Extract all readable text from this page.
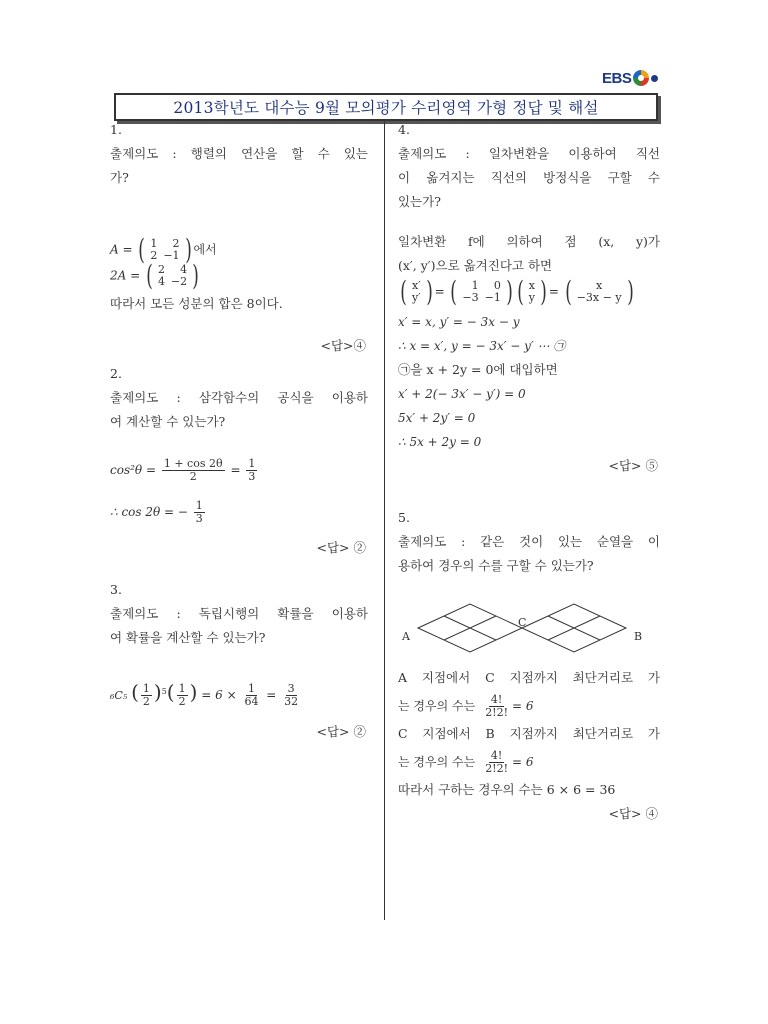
EBS
2013학년도 대수능 9월 모의평가 수리영역 가형 정답 및 해설
1.
출제의도 : 행렬의 연산을 할 수 있는
가?
A = ( 1	2
2	−1 ) 에서
2A = ( 2	4
4	−2 )
따라서 모든 성분의 합은 8이다.
<답>④
2.
출제의도 : 삼각함수의 공식을 이용하
여 계산할 수 있는가?
$\cos^2\theta = \frac{1 + \cos 2\theta}{2} = \frac{1}{3}$
∴ cos 2θ = − $\frac{1}{3}$
<답> ②
3.
출제의도 : 독립시행의 확률을 이용하
여 확률을 계산할 수 있는가?
₆C₅ ( $\frac{1}{2} )^5( \frac{1}{2}$ ) = $6 \times \frac{1}{64} = \frac{3}{32}$
<답> ②
4.
출제의도 : 일차변환을 이용하여 직선
이 옮겨지는 직선의 방정식을 구할 수
있는가?
일차변환 f에 의하여 점 (x, y)가
(x′, y′)으로 옮겨진다고 하면
( x′
y′ ) = ( 1	0
−3	−1 ) ( x
y ) = ( x
−3x − y )
x′ = x, y′ = − 3x − y
∴ x = x′, y = − 3x′ − y′ ⋯ ㉠
㉠을 x + 2y = 0에 대입하면
x′ + 2(− 3x′ − y′) = 0
5x′ + 2y′ = 0
∴ 5x + 2y = 0
<답> ⑤
5.
출제의도 : 같은 것이 있는 순열을 이
용하여 경우의 수를 구할 수 있는가?
A
C
B
A 지점에서 C 지점까지 최단거리로 가
는 경우의 수는 $\frac{4!}{2!2!} = 6$
C 지점에서 B 지점까지 최단거리로 가
는 경우의 수는 $\frac{4!}{2!2!} = 6$
따라서 구하는 경우의 수는 6 × 6 = 36
<답> ④
